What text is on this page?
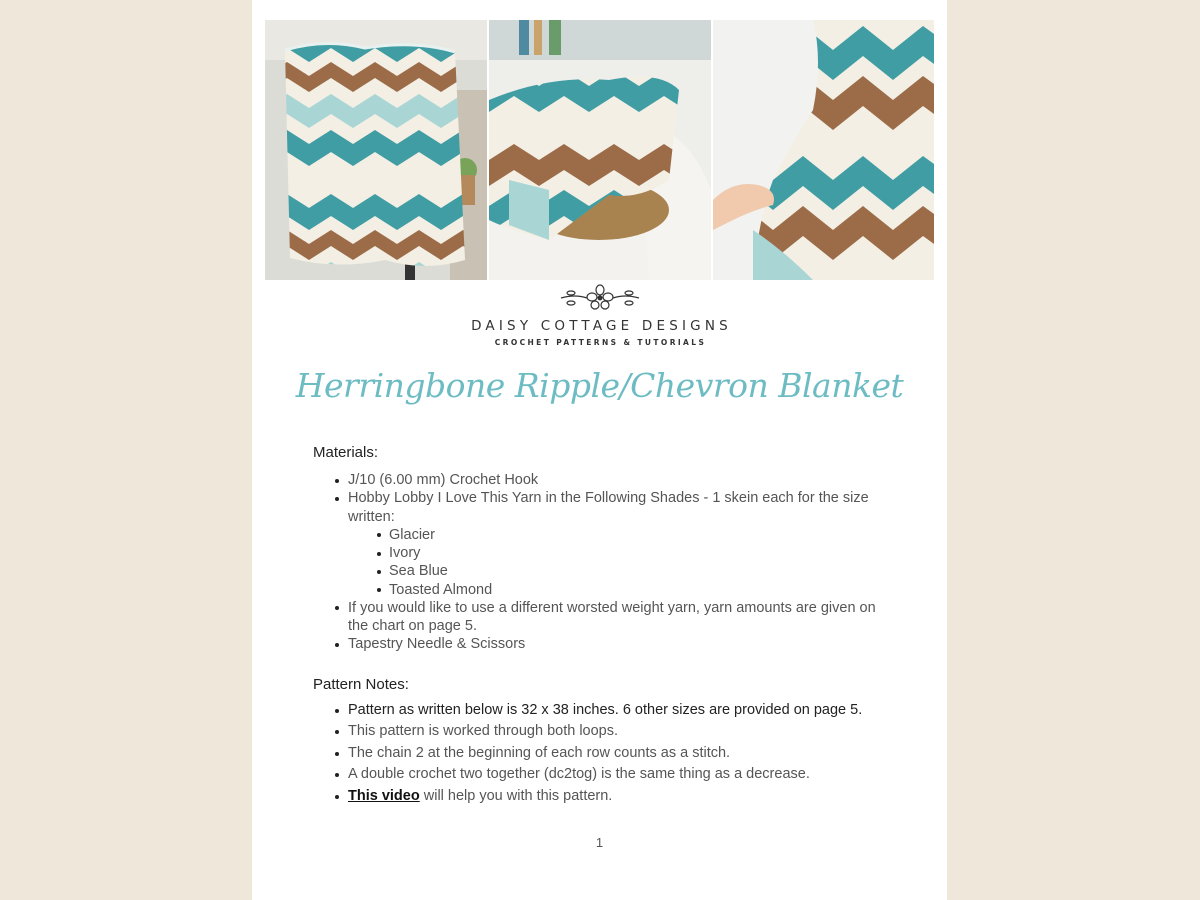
DAISY COTTAGE DESIGNS
CROCHET PATTERNS & TUTORIALS
Herringbone Ripple/Chevron Blanket

Materials:

J/10 (6.00 mm) Crochet Hook
Hobby Lobby I Love This Yarn in the Following Shades - 1 skein each for the size written:
Glacier
Ivory
Sea Blue
Toasted Almond
If you would like to use a different worsted weight yarn, yarn amounts are given on the chart on page 5.
Tapestry Needle & Scissors

Pattern Notes:

Pattern as written below is 32 x 38 inches. 6 other sizes are provided on page 5.
This pattern is worked through both loops.
The chain 2 at the beginning of each row counts as a stitch.
A double crochet two together (dc2tog) is the same thing as a decrease.
This video will help you with this pattern.
1
